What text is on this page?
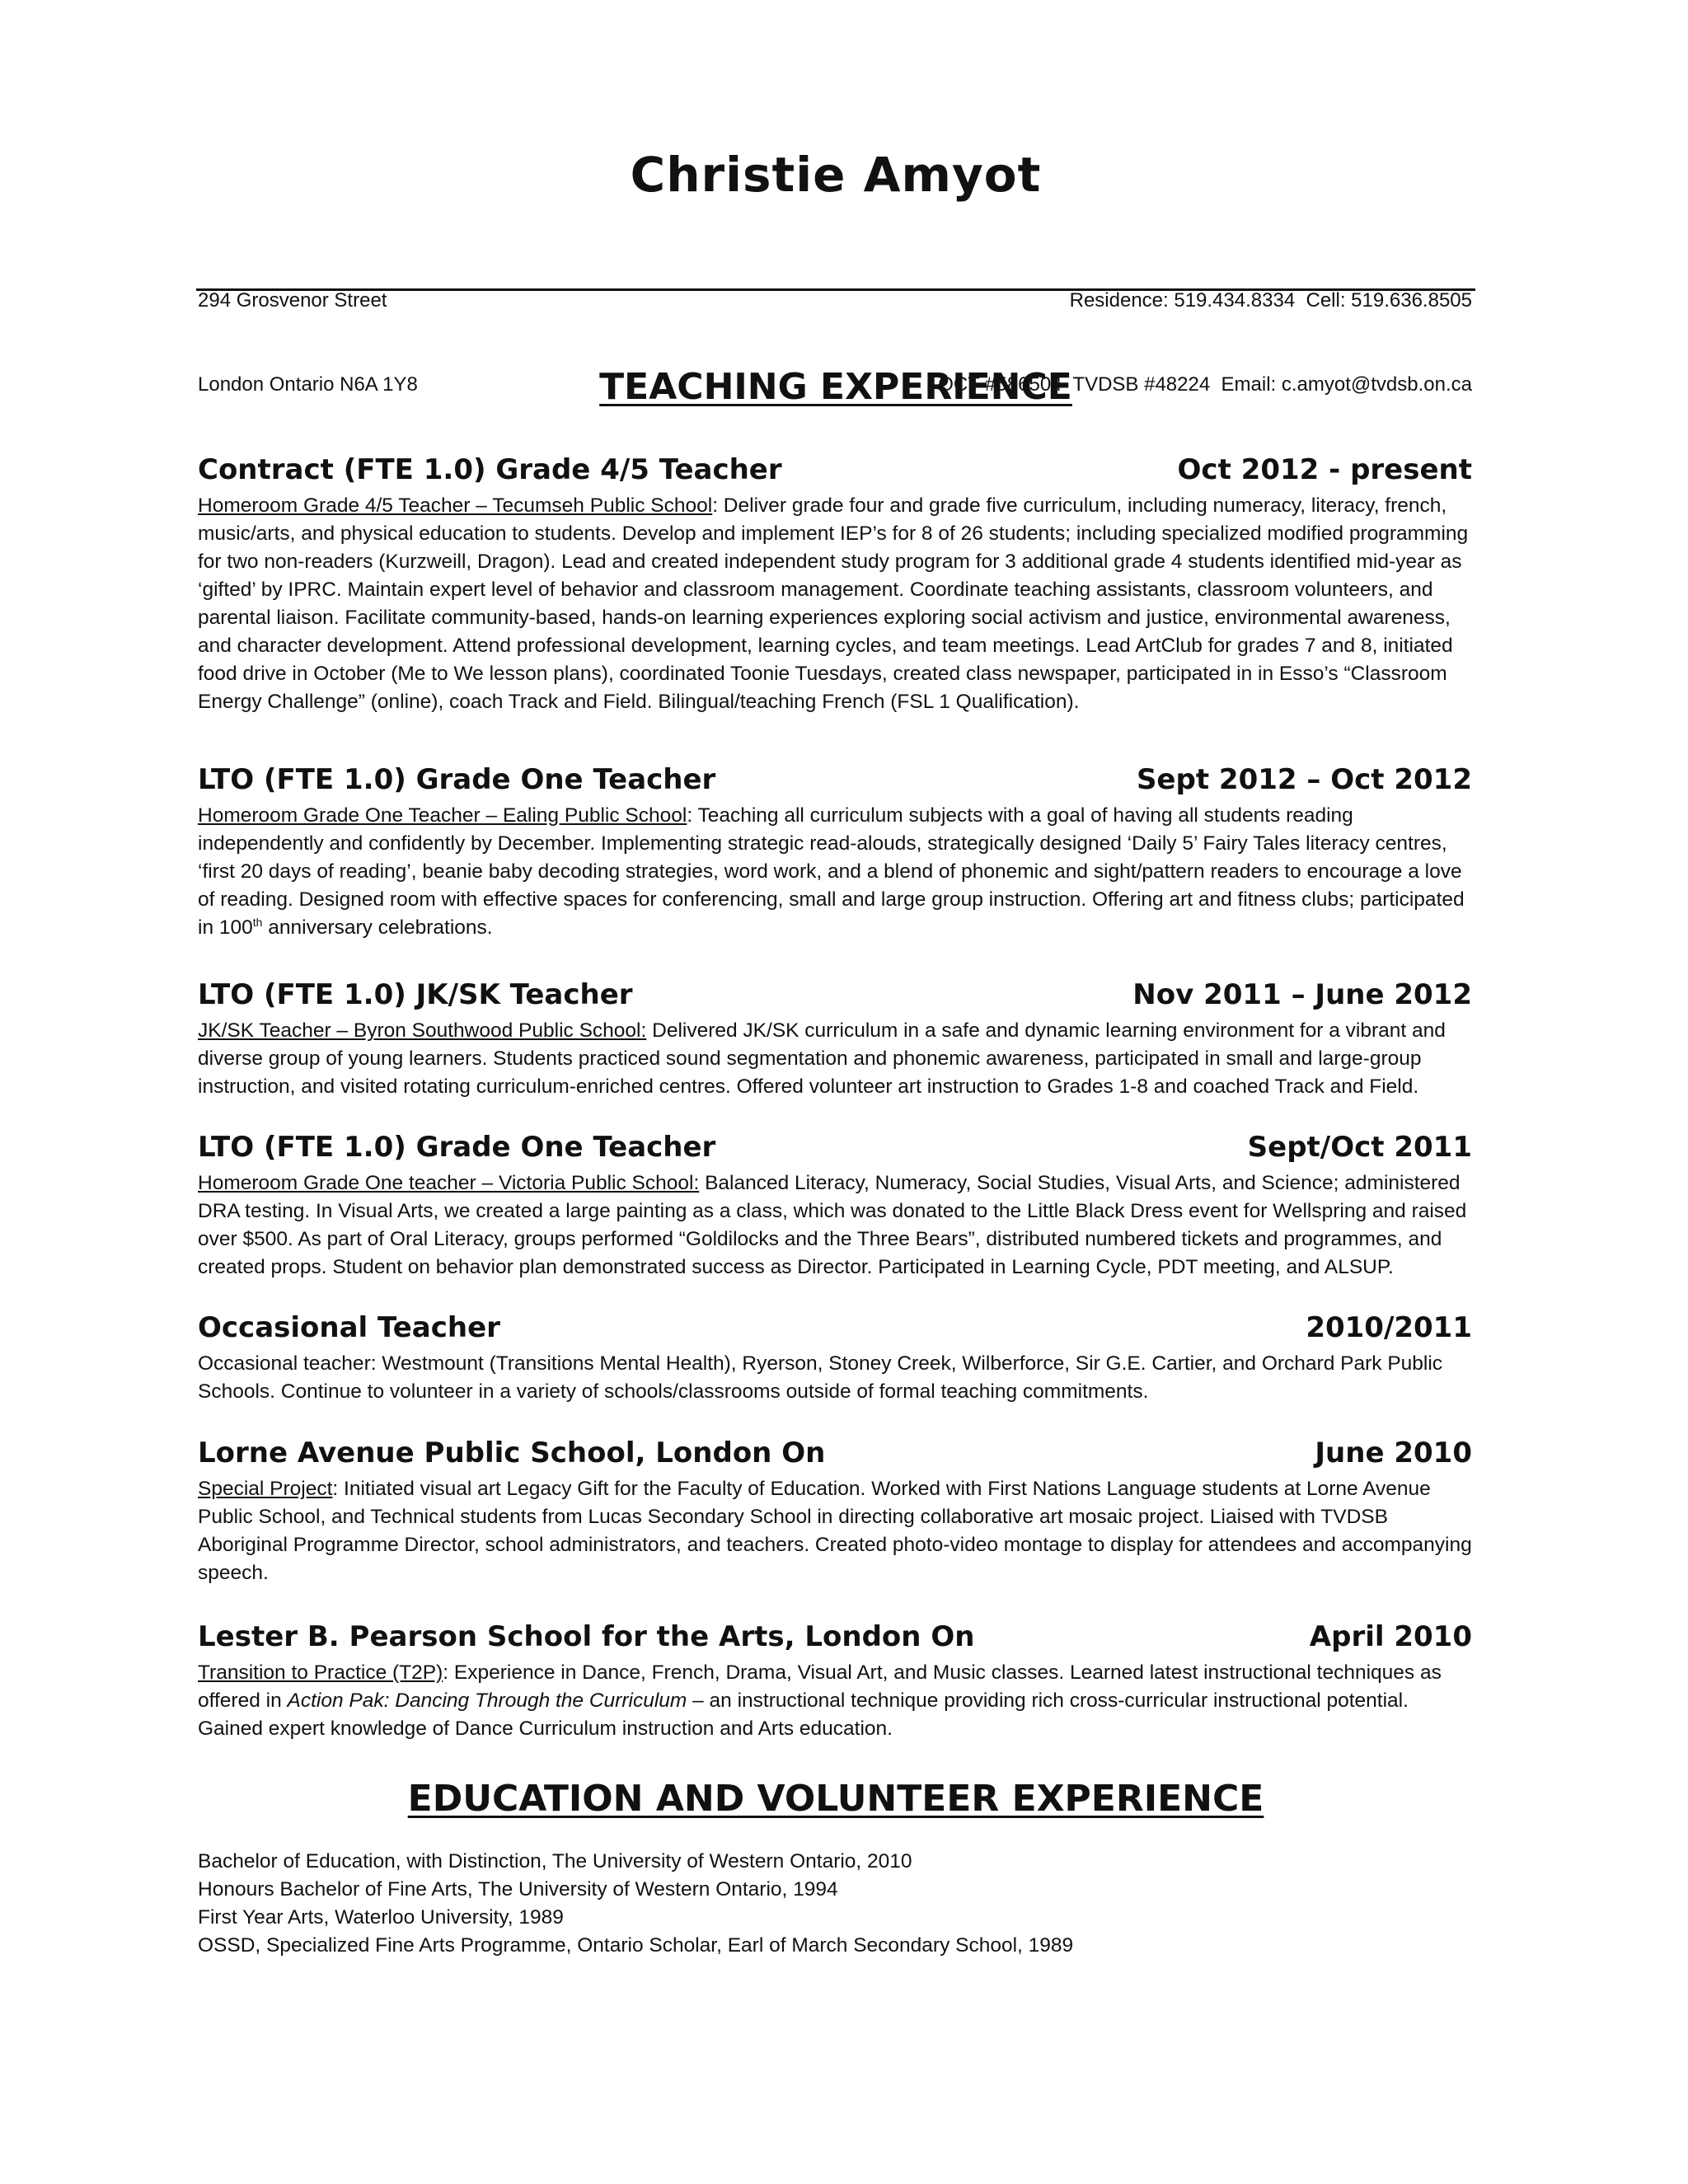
Christie Amyot

294 Grosvenor Street

London Ontario N6A 1Y8

Residence: 519.434.8334  Cell: 519.636.8505

OCT #586504  TVDSB #48224  Email: c.amyot@tvdsb.on.ca

TEACHING EXPERIENCE
Contract (FTE 1.0) Grade 4/5 Teacher	Oct 2012 - present
Homeroom Grade 4/5 Teacher – Tecumseh Public School: Deliver grade four and grade five curriculum, including numeracy, literacy, french, music/arts, and physical education to students. Develop and implement IEP’s for 8 of 26 students; including specialized modified programming for two non-readers (Kurzweill, Dragon). Lead and created independent study program for 3 additional grade 4 students identified mid-year as ‘gifted’ by IPRC. Maintain expert level of behavior and classroom management. Coordinate teaching assistants, classroom volunteers, and parental liaison. Facilitate community-based, hands-on learning experiences exploring social activism and justice, environmental awareness, and character development. Attend professional development, learning cycles, and team meetings. Lead ArtClub for grades 7 and 8, initiated food drive in October (Me to We lesson plans), coordinated Toonie Tuesdays, created class newspaper, participated in in Esso’s “Classroom Energy Challenge” (online), coach Track and Field. Bilingual/teaching French (FSL 1 Qualification).
LTO (FTE 1.0) Grade One Teacher	Sept 2012 – Oct 2012
Homeroom Grade One Teacher – Ealing Public School: Teaching all curriculum subjects with a goal of having all students reading independently and confidently by December. Implementing strategic read-alouds, strategically designed ‘Daily 5’ Fairy Tales literacy centres, ‘first 20 days of reading’, beanie baby decoding strategies, word work, and a blend of phonemic and sight/pattern readers to encourage a love of reading. Designed room with effective spaces for conferencing, small and large group instruction. Offering art and fitness clubs; participated in 100th anniversary celebrations.
LTO (FTE 1.0) JK/SK Teacher	Nov 2011 – June 2012
JK/SK Teacher – Byron Southwood Public School: Delivered JK/SK curriculum in a safe and dynamic learning environment for a vibrant and diverse group of young learners. Students practiced sound segmentation and phonemic awareness, participated in small and large-group instruction, and visited rotating curriculum-enriched centres. Offered volunteer art instruction to Grades 1-8 and coached Track and Field.
LTO (FTE 1.0) Grade One Teacher	Sept/Oct 2011
Homeroom Grade One teacher – Victoria Public School: Balanced Literacy, Numeracy, Social Studies, Visual Arts, and Science; administered DRA testing. In Visual Arts, we created a large painting as a class, which was donated to the Little Black Dress event for Wellspring and raised over $500. As part of Oral Literacy, groups performed “Goldilocks and the Three Bears”, distributed numbered tickets and programmes, and created props. Student on behavior plan demonstrated success as Director. Participated in Learning Cycle, PDT meeting, and ALSUP.
Occasional Teacher	2010/2011
Occasional teacher: Westmount (Transitions Mental Health), Ryerson, Stoney Creek, Wilberforce, Sir G.E. Cartier, and Orchard Park Public Schools. Continue to volunteer in a variety of schools/classrooms outside of formal teaching commitments.
Lorne Avenue Public School, London On	June 2010
Special Project: Initiated visual art Legacy Gift for the Faculty of Education. Worked with First Nations Language students at Lorne Avenue Public School, and Technical students from Lucas Secondary School in directing collaborative art mosaic project. Liaised with TVDSB Aboriginal Programme Director, school administrators, and teachers. Created photo-video montage to display for attendees and accompanying speech.
Lester B. Pearson School for the Arts, London On	April 2010
Transition to Practice (T2P): Experience in Dance, French, Drama, Visual Art, and Music classes. Learned latest instructional techniques as offered in Action Pak: Dancing Through the Curriculum – an instructional technique providing rich cross-curricular instructional potential. Gained expert knowledge of Dance Curriculum instruction and Arts education.
EDUCATION AND VOLUNTEER EXPERIENCE
Bachelor of Education, with Distinction, The University of Western Ontario, 2010
Honours Bachelor of Fine Arts, The University of Western Ontario, 1994
First Year Arts, Waterloo University, 1989
OSSD, Specialized Fine Arts Programme, Ontario Scholar, Earl of March Secondary School, 1989
